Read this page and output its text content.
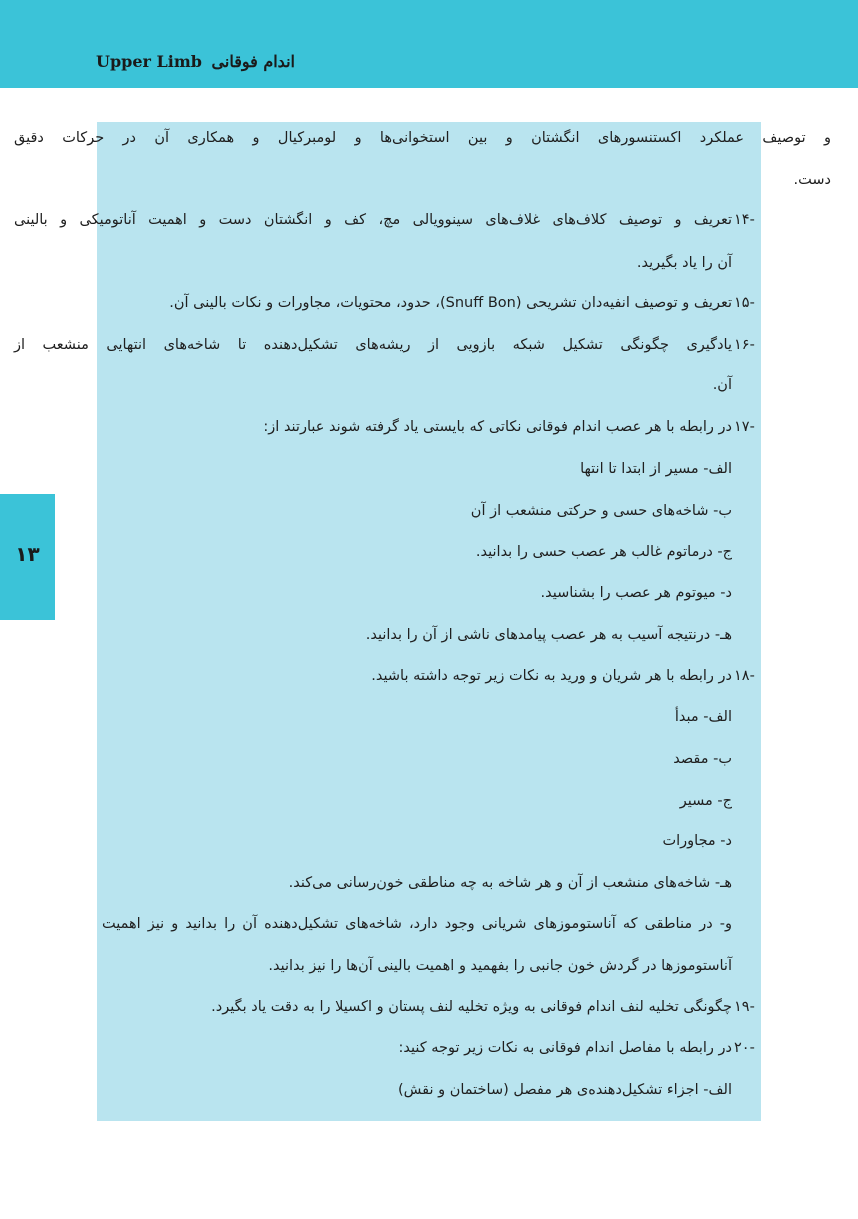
Upper Limb اندام فوقانی
۱۳
و توصیف عملکرد اکستنسورهای انگشتان و بین استخوانی‌ها و لومبرکیال و همکاری آن در حرکات دقیق
دست.
-۱۴
تعریف و توصیف کلاف‌های غلاف‌های سینوویالی مچ، کف و انگشتان دست و اهمیت آناتومیکی و بالینی
آن را یاد بگیرید.
-۱۵
تعریف و توصیف انفیه‌دان تشریحی (Snuff Bon)، حدود، محتویات، مجاورات و نکات بالینی آن.
-۱۶
یادگیری چگونگی تشکیل شبکه بازویی از ریشه‌های تشکیل‌دهنده تا شاخه‌های انتهایی منشعب از
آن.
-۱۷
در رابطه با هر عصب اندام فوقانی نکاتی که بایستی یاد گرفته شوند عبارتند از:
الف- مسیر از ابتدا تا انتها
ب- شاخه‌های حسی و حرکتی منشعب از آن
ج- درماتوم غالب هر عصب حسی را بدانید.
د- میوتوم هر عصب را بشناسید.
هـ- درنتیجه آسیب به هر عصب پیامدهای ناشی از آن را بدانید.
-۱۸
در رابطه با هر شریان و ورید به نکات زیر توجه داشته باشید.
الف- مبدأ
ب- مقصد
ج- مسیر
د- مجاورات
هـ- شاخه‌های منشعب از آن و هر شاخه به چه مناطقی خون‌رسانی می‌کند.
و- در مناطقی که آناستوموزهای شریانی وجود دارد، شاخه‌های تشکیل‌دهنده آن را بدانید و نیز اهمیت
آناستوموزها در گردش خون جانبی را بفهمید و اهمیت بالینی آن‌ها را نیز بدانید.
-۱۹
چگونگی تخلیه لنف اندام فوقانی به ویژه تخلیه لنف پستان و اکسیلا را به دقت یاد بگیرد.
-۲۰
در رابطه با مفاصل اندام فوقانی به نکات زیر توجه کنید:
الف- اجزاء تشکیل‌دهنده‌ی هر مفصل (ساختمان و نقش)
